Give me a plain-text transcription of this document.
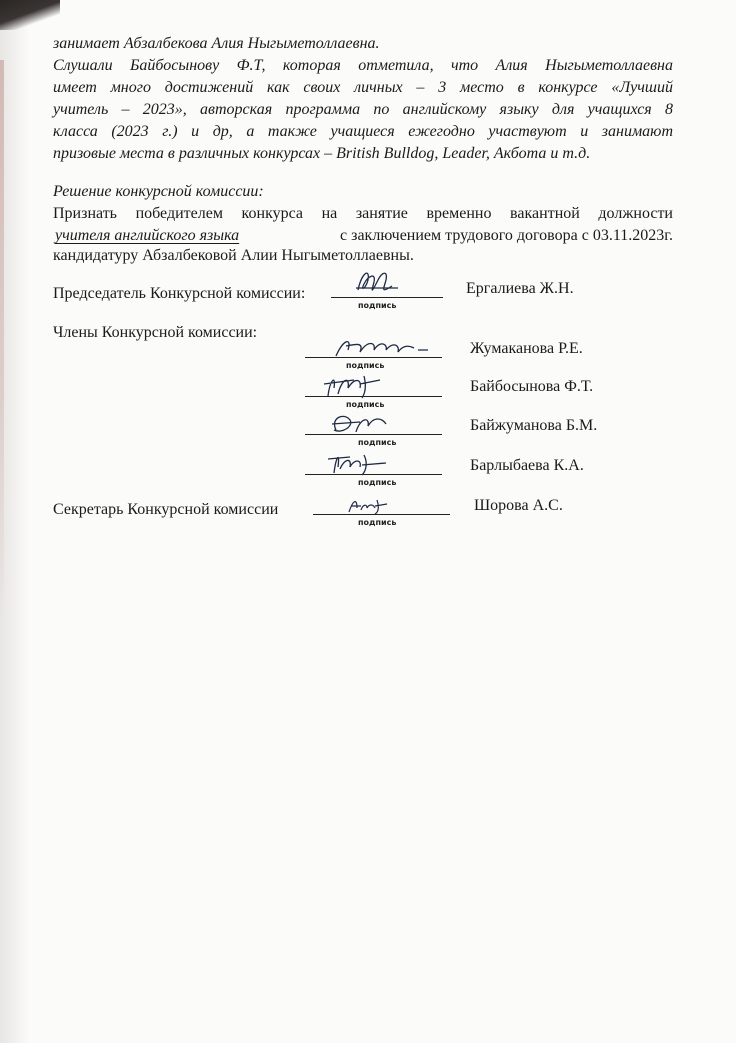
занимает Абзалбекова Алия Ныгыметоллаевна.
Слушали Байбосынову Ф.Т, которая отметила, что Алия Ныгыметоллаевна
имеет много достижений как своих личных – 3 место в конкурсе «Лучший
учитель – 2023», авторская программа по английскому языку для учащихся 8
класса (2023 г.) и др, а также учащиеся ежегодно участвуют и занимают
призовые места в различных конкурсах – British Bulldog, Leader, Акбота и т.д.
Решение конкурсной комиссии:
Признать победителем конкурса на занятие временно вакантной должности
учителя английского языка	с заключением трудового договора с 03.11.2023г.
кандидатуру Абзалбековой Алии Ныгыметоллаевны.
Председатель Конкурсной комиссии:
подпись
Ергалиева Ж.Н.
Члены Конкурсной комиссии:
подпись
Жумаканова Р.Е.
подпись
Байбосынова Ф.Т.
подпись
Байжуманова Б.М.
подпись
Барлыбаева К.А.
Секретарь Конкурсной комиссии
подпись
Шорова А.С.
